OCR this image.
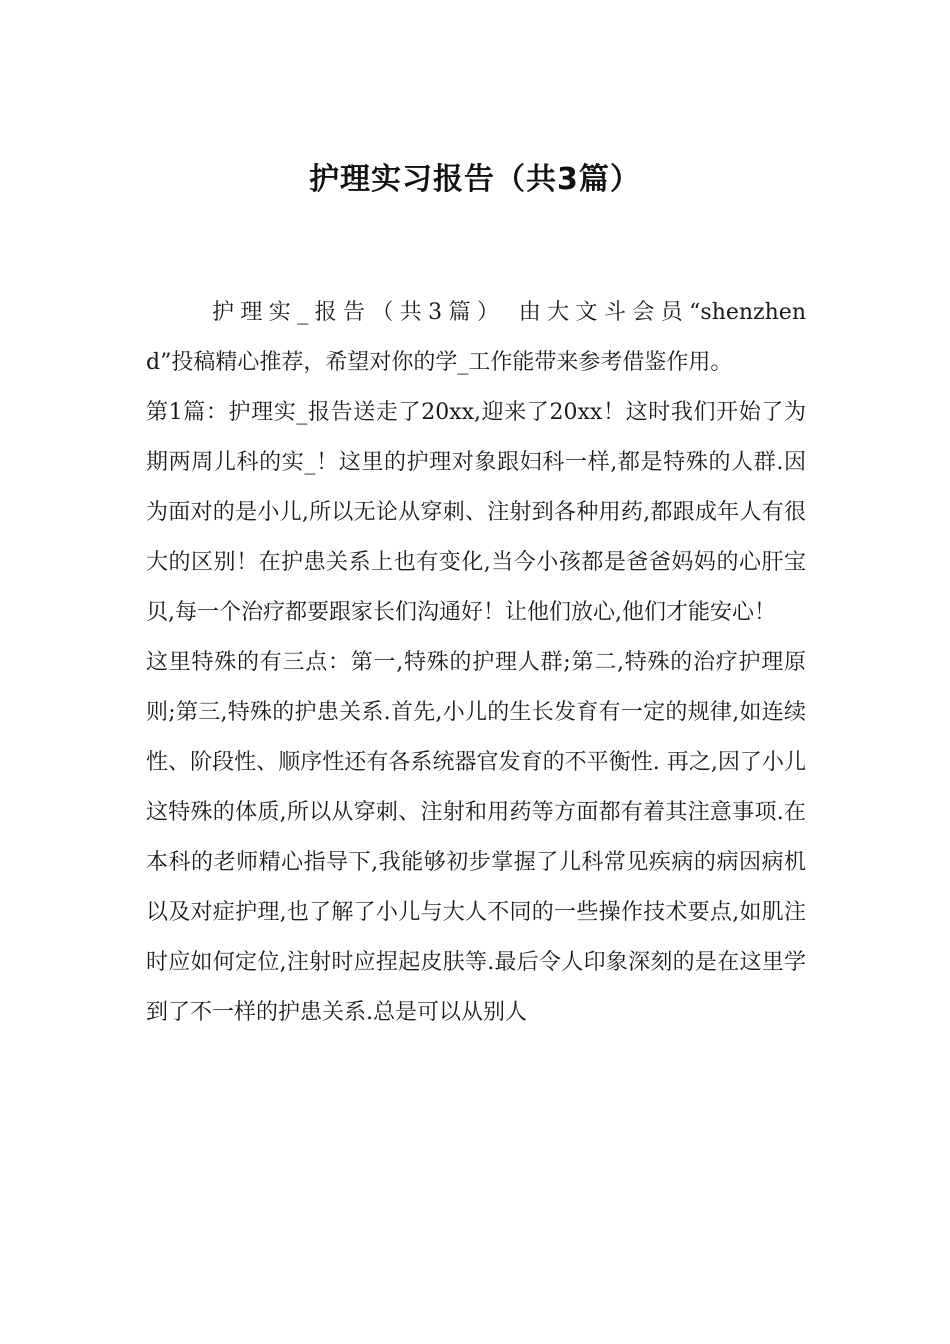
护理实习报告（共3篇）

护理实_报告（共3篇） 由大文斗会员“shenzhend”投稿精心推荐，希望对你的学_工作能带来参考借鉴作用。

第1篇：护理实_报告送走了20xx,迎来了20xx！这时我们开始了为期两周儿科的实_！这里的护理对象跟妇科一样,都是特殊的人群.因为面对的是小儿,所以无论从穿刺、注射到各种用药,都跟成年人有很大的区别！在护患关系上也有变化,当今小孩都是爸爸妈妈的心肝宝贝,每一个治疗都要跟家长们沟通好！让他们放心,他们才能安心！

这里特殊的有三点：第一,特殊的护理人群;第二,特殊的治疗护理原则;第三,特殊的护患关系.首先,小儿的生长发育有一定的规律,如连续性、阶段性、顺序性还有各系统器官发育的不平衡性. 再之,因了小儿这特殊的体质,所以从穿刺、注射和用药等方面都有着其注意事项.在本科的老师精心指导下,我能够初步掌握了儿科常见疾病的病因病机以及对症护理,也了解了小儿与大人不同的一些操作技术要点,如肌注时应如何定位,注射时应捏起皮肤等.最后令人印象深刻的是在这里学到了不一样的护患关系.总是可以从别人
